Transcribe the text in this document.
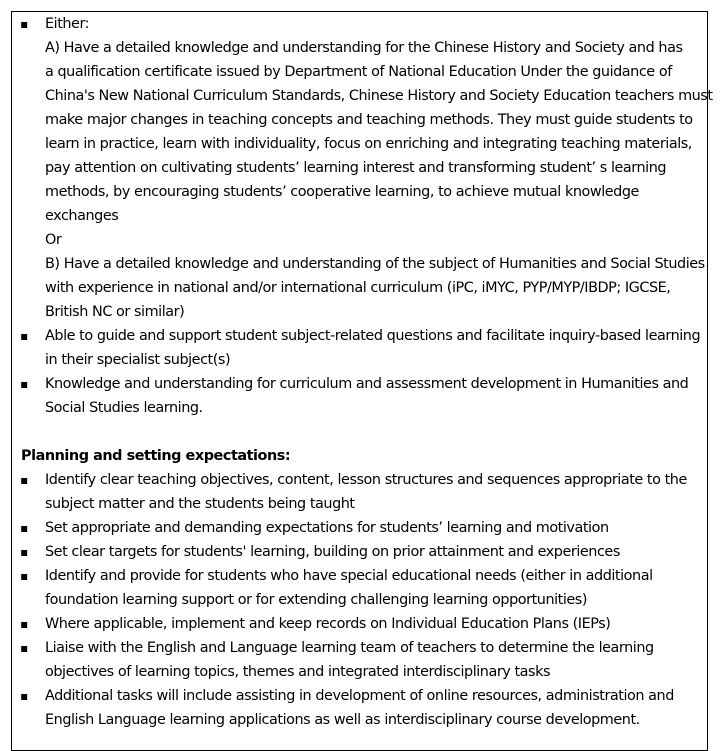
▪ Either:
A) Have a detailed knowledge and understanding for the Chinese History and Society and has
a qualification certificate issued by Department of National Education Under the guidance of
China's New National Curriculum Standards, Chinese History and Society Education teachers must
make major changes in teaching concepts and teaching methods. They must guide students to
learn in practice, learn with individuality, focus on enriching and integrating teaching materials,
pay attention on cultivating students’ learning interest and transforming student’ s learning
methods, by encouraging students’ cooperative learning, to achieve mutual knowledge
exchanges
Or
B) Have a detailed knowledge and understanding of the subject of Humanities and Social Studies
with experience in national and/or international curriculum (iPC, iMYC, PYP/MYP/IBDP; IGCSE,
British NC or similar)
▪ Able to guide and support student subject-related questions and facilitate inquiry-based learning
in their specialist subject(s)
▪ Knowledge and understanding for curriculum and assessment development in Humanities and
Social Studies learning.
Planning and setting expectations:
▪ Identify clear teaching objectives, content, lesson structures and sequences appropriate to the
subject matter and the students being taught
▪ Set appropriate and demanding expectations for students’ learning and motivation
▪ Set clear targets for students' learning, building on prior attainment and experiences
▪ Identify and provide for students who have special educational needs (either in additional
foundation learning support or for extending challenging learning opportunities)
▪ Where applicable, implement and keep records on Individual Education Plans (IEPs)
▪ Liaise with the English and Language learning team of teachers to determine the learning
objectives of learning topics, themes and integrated interdisciplinary tasks
▪ Additional tasks will include assisting in development of online resources, administration and
English Language learning applications as well as interdisciplinary course development.
